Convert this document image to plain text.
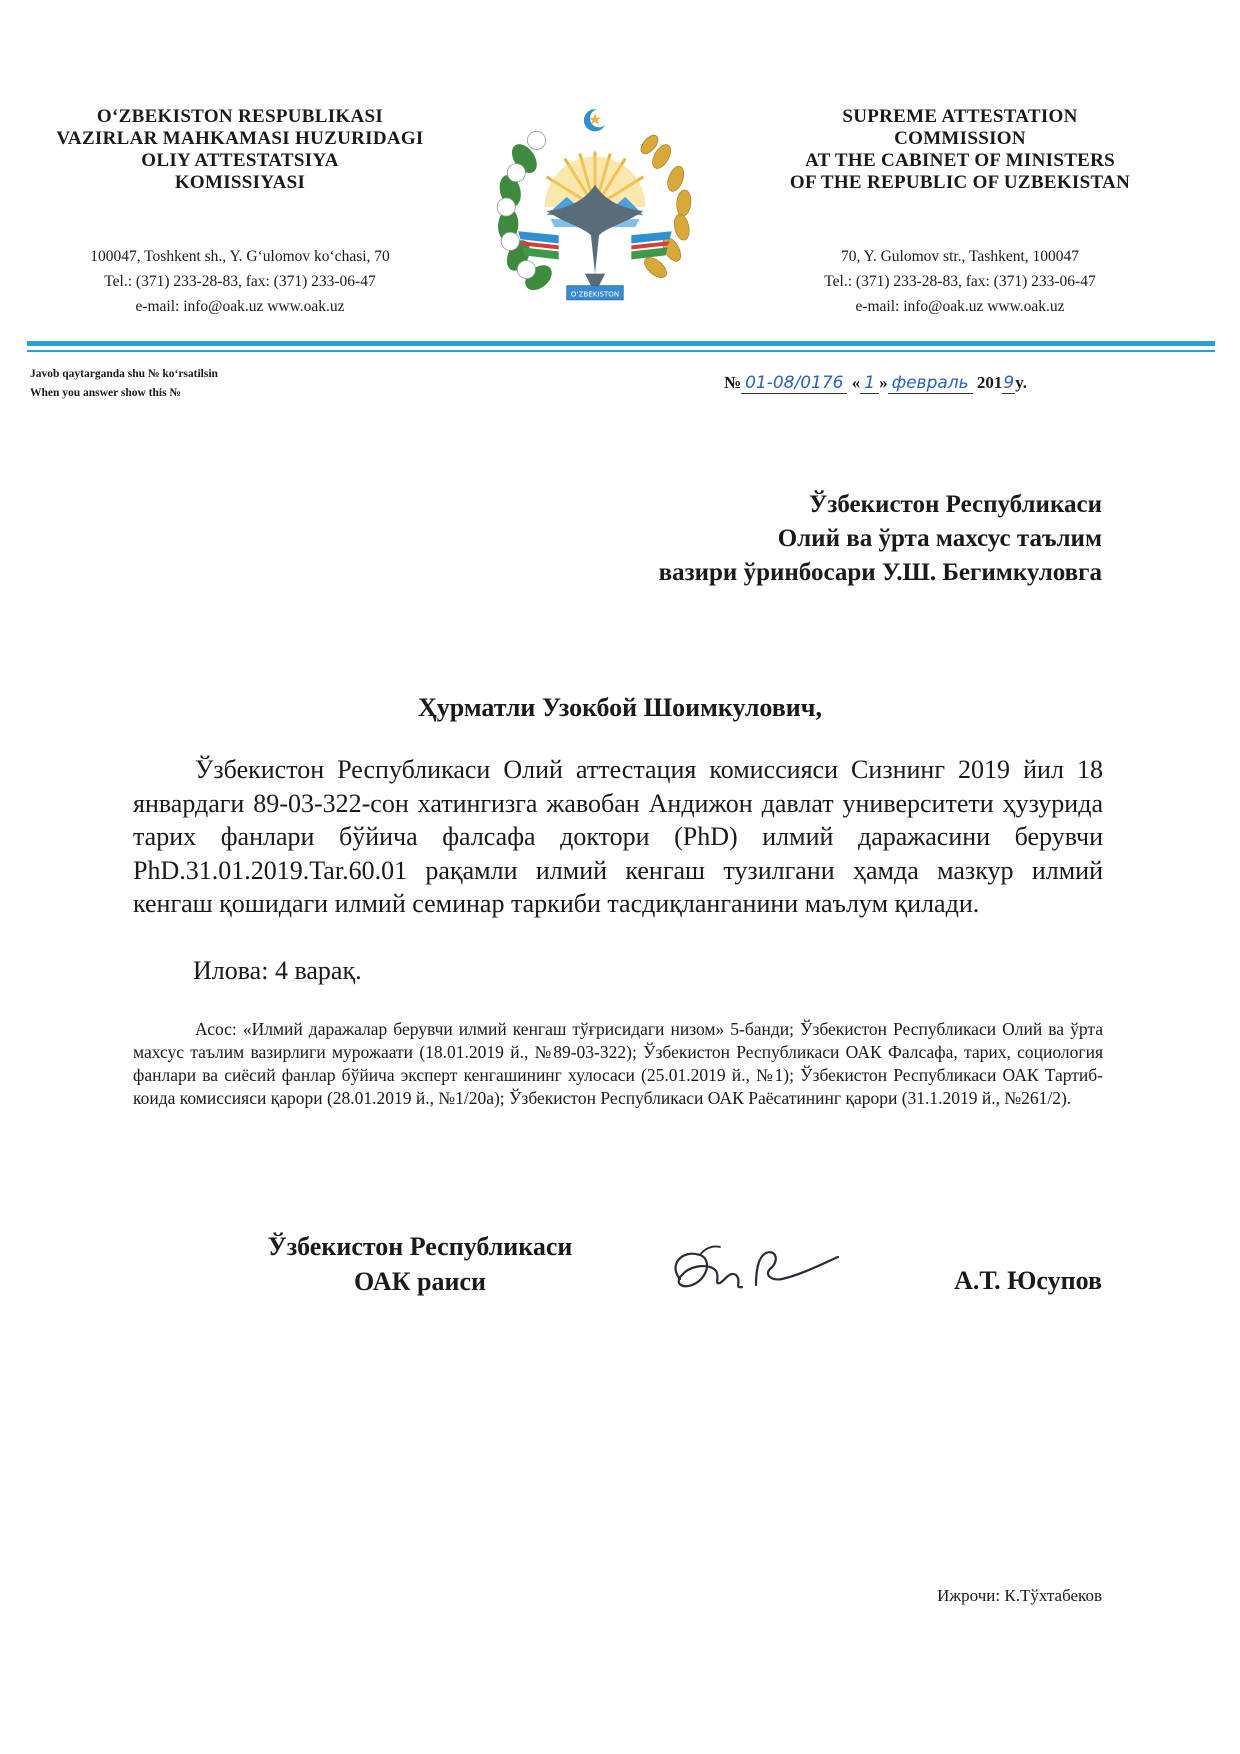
O‘ZBEKISTON RESPUBLIKASI
VAZIRLAR MAHKAMASI HUZURIDAGI
OLIY ATTESTATSIYA
KOMISSIYASI
SUPREME ATTESTATION
COMMISSION
AT THE CABINET OF MINISTERS
OF THE REPUBLIC OF UZBEKISTAN
O‘ZBEKISTON
100047, Toshkent sh., Y. G‘ulomov ko‘chasi, 70
Tel.: (371) 233-28-83, fax: (371) 233-06-47
e-mail: info@oak.uz www.oak.uz
70, Y. Gulomov str., Tashkent, 100047
Tel.: (371) 233-28-83, fax: (371) 233-06-47
e-mail: info@oak.uz www.oak.uz
Javob qaytarganda shu № ko‘rsatilsin
When you answer show this №
№ 01-08/0176 « 1 » февраль 2019y.
Ўзбекистон Республикаси
Олий ва ўрта махсус таълим
вазири ўринбосари У.Ш. Бегимкуловга
Ҳурматли Узокбой Шоимкулович,

Ўзбекистон Республикаси Олий аттестация комиссияси Сизнинг 2019 йил 18 январдаги 89-03-322-сон хатингизга жавобан Андижон давлат университети ҳузурида тарих фанлари бўйича фалсафа доктори (PhD) илмий даражасини берувчи PhD.31.01.2019.Tar.60.01 рақамли илмий кенгаш тузилгани ҳамда мазкур илмий кенгаш қошидаги илмий семинар таркиби тасдиқланганини маълум қилади.

Илова: 4 варақ.

Асос: «Илмий даражалар берувчи илмий кенгаш тўғрисидаги низом» 5-банди; Ўзбекистон Республикаси Олий ва ўрта махсус таълим вазирлиги мурожаати (18.01.2019 й., №89-03-322); Ўзбекистон Республикаси ОАК Фалсафа, тарих, социология фанлари ва сиёсий фанлар бўйича эксперт кенгашининг хулосаси (25.01.2019 й., №1); Ўзбекистон Республикаси ОАК Тартиб-коида комиссияси қарори (28.01.2019 й., №1/20а); Ўзбекистон Республикаси ОАК Раёсатининг қарори (31.1.2019 й., №261/2).

Ўзбекистон Республикаси
ОАК раиси	А.Т. Юсупов
Ижрочи: К.Тўхтабеков
